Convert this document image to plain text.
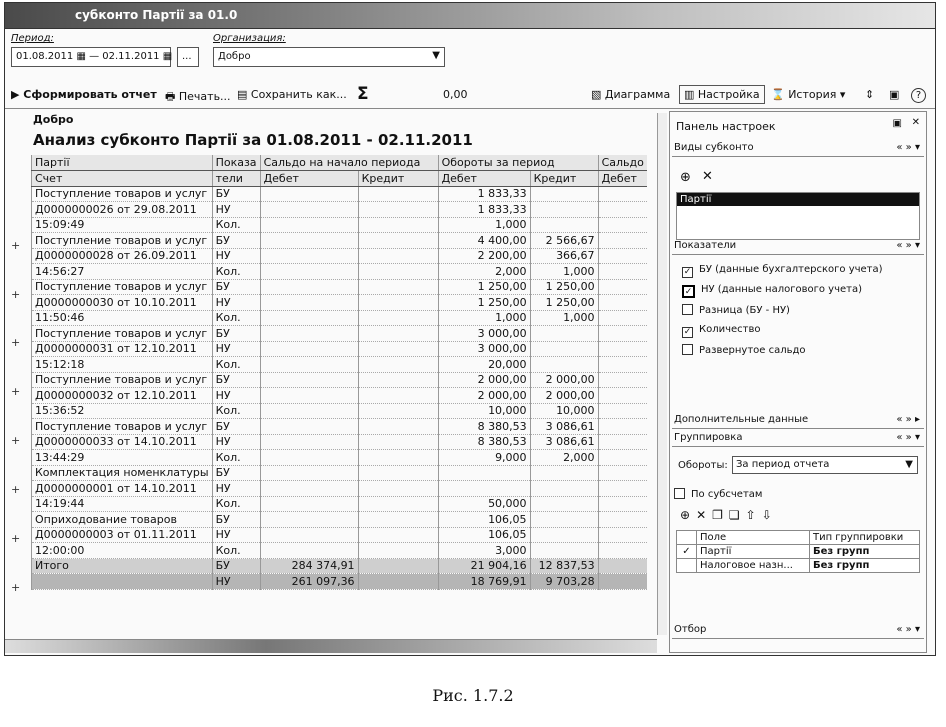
субконто Партії за 01.0
Период:
01.08.2011 ▦ — 02.11.2011 ▦ ...
Организация:
Добро	▼
▶ Сформировать отчет 🖶 Печать... ▤ Сохранить как... Σ	0,00	▧ Диаграмма	▥ Настройка	⌛ История ▾ ⇕ ▣	?
Добро
Анализ субконто Партії за 01.08.2011 - 02.11.2011
Партії	Показа	Сальдо на начало периода		Обороты за период		Сальдо
Счет	тели	Дебет	Кредит	Дебет	Кредит	Дебет
Поступление товаров и услуг	БУ			1 833,33		
Д0000000026 от 29.08.2011	НУ			1 833,33		
15:09:49	Кол.			1,000		
Поступление товаров и услуг	БУ			4 400,00	2 566,67	
Д0000000028 от 26.09.2011	НУ			2 200,00	366,67	
14:56:27	Кол.			2,000	1,000	
Поступление товаров и услуг	БУ			1 250,00	1 250,00	
Д0000000030 от 10.10.2011	НУ			1 250,00	1 250,00	
11:50:46	Кол.			1,000	1,000	
Поступление товаров и услуг	БУ			3 000,00		
Д0000000031 от 12.10.2011	НУ			3 000,00		
15:12:18	Кол.			20,000		
Поступление товаров и услуг	БУ			2 000,00	2 000,00	
Д0000000032 от 12.10.2011	НУ			2 000,00	2 000,00	
15:36:52	Кол.			10,000	10,000	
Поступление товаров и услуг	БУ			8 380,53	3 086,61	
Д0000000033 от 14.10.2011	НУ			8 380,53	3 086,61	
13:44:29	Кол.			9,000	2,000	
Комплектация номенклатуры	БУ					
Д0000000001 от 14.10.2011	НУ					
14:19:44	Кол.			50,000		
Оприходование товаров	БУ			106,05		
Д0000000003 от 01.11.2011	НУ			106,05		
12:00:00	Кол.			3,000		
Итого	БУ	284 374,91		21 904,16	12 837,53	
	НУ	261 097,36		18 769,91	9 703,28	
+
+
+
+
+
+
+
+
Панель настроек	▣ ✕
Виды субконто	« » ▾
⊕ ✕
Партії
Показатели	« » ▾
✓ БУ (данные бухгалтерского учета)
✓ НУ (данные налогового учета)
Разница (БУ - НУ)
✓ Количество
Развернутое сальдо
Дополнительные данные	« » ▸
Группировка	« » ▾
Обороты: За период отчета	▼
По субсчетам
⊕✕❐❏⇧⇩
	Поле	Тип группировки
✓	Партії	Без групп
	Налоговое назн...	Без групп
Отбор	« » ▾
Рис. 1.7.2
